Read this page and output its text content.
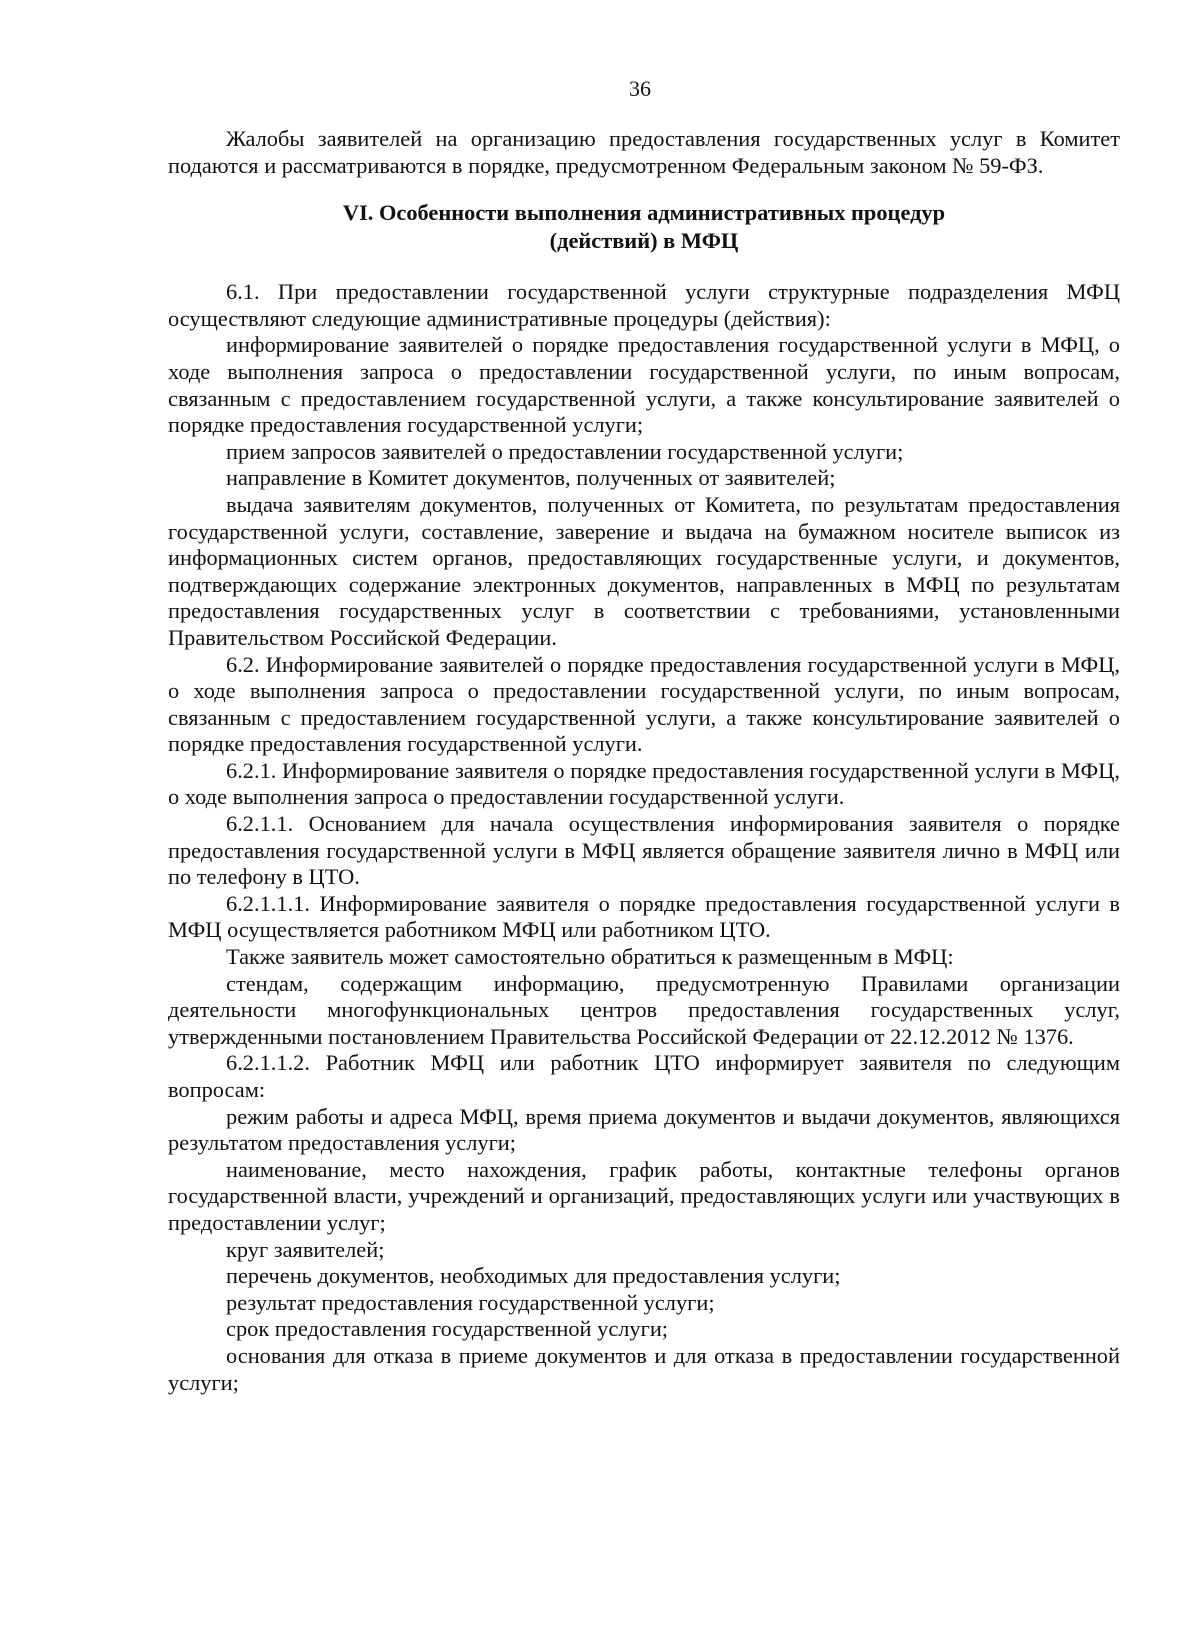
36

Жалобы заявителей на организацию предоставления государственных услуг в Комитет подаются и рассматриваются в порядке, предусмотренном Федеральным законом № 59-ФЗ.

VI. Особенности выполнения административных процедур
(действий) в МФЦ

6.1. При предоставлении государственной услуги структурные подразделения МФЦ осуществляют следующие административные процедуры (действия):

информирование заявителей о порядке предоставления государственной услуги в МФЦ, о ходе выполнения запроса о предоставлении государственной услуги, по иным вопросам, связанным с предоставлением государственной услуги, а также консультирование заявителей о порядке предоставления государственной услуги;

прием запросов заявителей о предоставлении государственной услуги;

направление в Комитет документов, полученных от заявителей;

выдача заявителям документов, полученных от Комитета, по результатам предоставления государственной услуги, составление, заверение и выдача на бумажном носителе выписок из информационных систем органов, предоставляющих государственные услуги, и документов, подтверждающих содержание электронных документов, направленных в МФЦ по результатам предоставления государственных услуг в соответствии с требованиями, установленными Правительством Российской Федерации.

6.2. Информирование заявителей о порядке предоставления государственной услуги в МФЦ, о ходе выполнения запроса о предоставлении государственной услуги, по иным вопросам, связанным с предоставлением государственной услуги, а также консультирование заявителей о порядке предоставления государственной услуги.

6.2.1. Информирование заявителя о порядке предоставления государственной услуги в МФЦ, о ходе выполнения запроса о предоставлении государственной услуги.

6.2.1.1. Основанием для начала осуществления информирования заявителя о порядке предоставления государственной услуги в МФЦ является обращение заявителя лично в МФЦ или по телефону в ЦТО.

6.2.1.1.1. Информирование заявителя о порядке предоставления государственной услуги в МФЦ осуществляется работником МФЦ или работником ЦТО.

Также заявитель может самостоятельно обратиться к размещенным в МФЦ:

стендам, содержащим информацию, предусмотренную Правилами организации деятельности многофункциональных центров предоставления государственных услуг, утвержденными постановлением Правительства Российской Федерации от 22.12.2012 № 1376.

6.2.1.1.2. Работник МФЦ или работник ЦТО информирует заявителя по следующим вопросам:

режим работы и адреса МФЦ, время приема документов и выдачи документов, являющихся результатом предоставления услуги;

наименование, место нахождения, график работы, контактные телефоны органов государственной власти, учреждений и организаций, предоставляющих услуги или участвующих в предоставлении услуг;

круг заявителей;

перечень документов, необходимых для предоставления услуги;

результат предоставления государственной услуги;

срок предоставления государственной услуги;

основания для отказа в приеме документов и для отказа в предоставлении государственной услуги;
